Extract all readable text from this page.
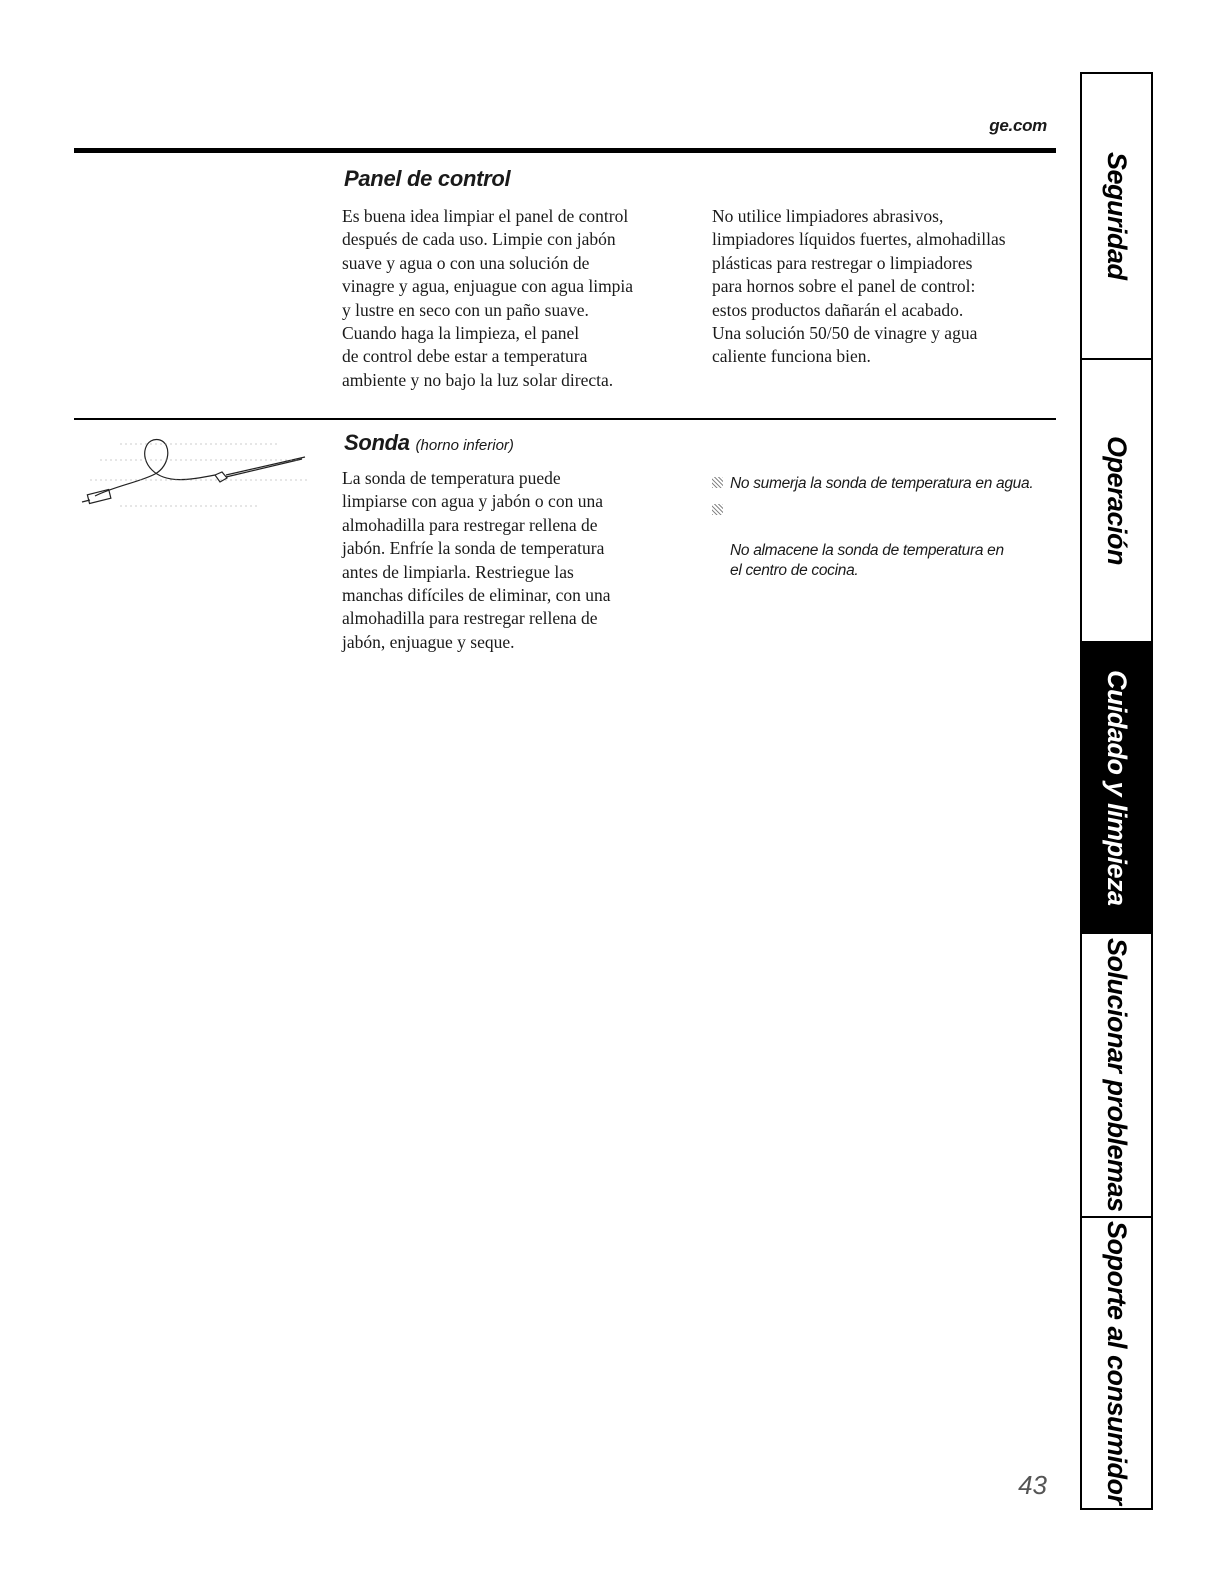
ge.com
Panel de control

Es buena idea limpiar el panel de control
después de cada uso. Limpie con jabón
suave y agua o con una solución de
vinagre y agua, enjuague con agua limpia
y lustre en seco con un paño suave.
Cuando haga la limpieza, el panel
de control debe estar a temperatura
ambiente y no bajo la luz solar directa.

No utilice limpiadores abrasivos,
limpiadores líquidos fuertes, almohadillas
plásticas para restregar o limpiadores
para hornos sobre el panel de control:
estos productos dañarán el acabado.
Una solución 50/50 de vinagre y agua
caliente funciona bien.

Sonda (horno inferior)

La sonda de temperatura puede
limpiarse con agua y jabón o con una
almohadilla para restregar rellena de
jabón. Enfríe la sonda de temperatura
antes de limpiarla. Restriegue las
manchas difíciles de eliminar, con una
almohadilla para restregar rellena de
jabón, enjuague y seque.

No sumerja la sonda de temperatura en agua.

No almacene la sonda de temperatura en
el centro de cocina.

Seguridad
Operación
Cuidado y limpieza
Solucionar problemas
Soporte al consumidor
43
